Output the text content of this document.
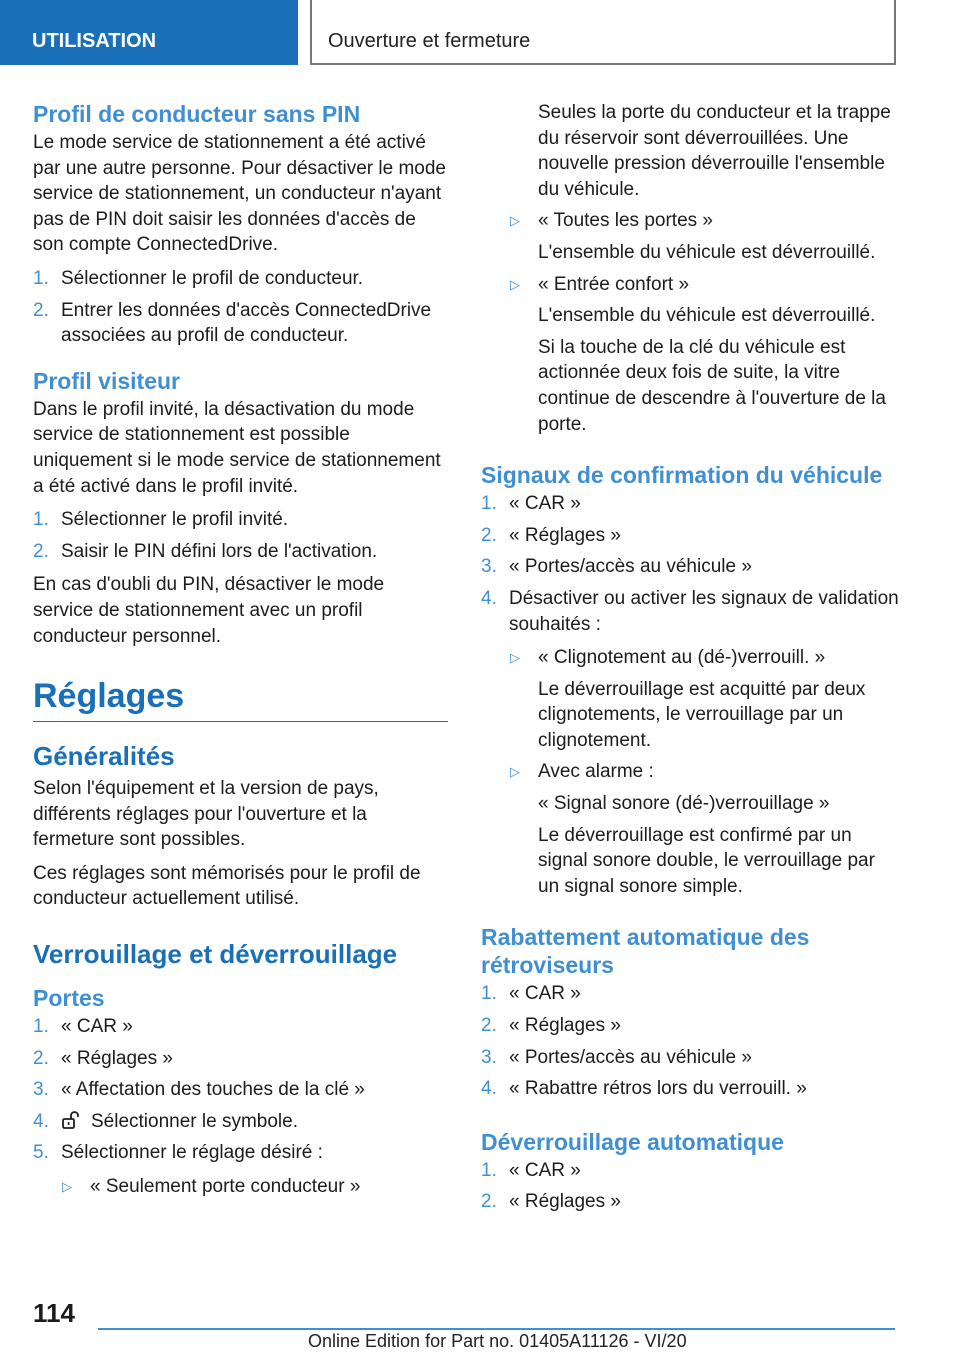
UTILISATION	Ouverture et fermeture
Profil de conducteur sans PIN

Le mode service de stationnement a été activé par une autre personne. Pour désactiver le mode service de stationnement, un conducteur n'ayant pas de PIN doit saisir les données d'accès de son compte ConnectedDrive.

1. Sélectionner le profil de conducteur.
2. Entrer les données d'accès ConnectedDrive associées au profil de conducteur.
Profil visiteur

Dans le profil invité, la désactivation du mode service de stationnement est possible uniquement si le mode service de stationnement a été activé dans le profil invité.

1. Sélectionner le profil invité.
2. Saisir le PIN défini lors de l'activation.

En cas d'oubli du PIN, désactiver le mode service de stationnement avec un profil conducteur personnel.

Réglages
Généralités

Selon l'équipement et la version de pays, différents réglages pour l'ouverture et la fermeture sont possibles.

Ces réglages sont mémorisés pour le profil de conducteur actuellement utilisé.

Verrouillage et déverrouillage
Portes
1. « CAR »
2. « Réglages »
3. « Affectation des touches de la clé »
4. Sélectionner le symbole.
5. Sélectionner le réglage désiré :
▷ « Seulement porte conducteur »

Seules la porte du conducteur et la trappe du réservoir sont déverrouillées. Une nouvelle pression déverrouille l'ensemble du véhicule.

▷ « Toutes les portes »

L'ensemble du véhicule est déverrouillé.

▷ « Entrée confort »

L'ensemble du véhicule est déverrouillé.

Si la touche de la clé du véhicule est actionnée deux fois de suite, la vitre continue de descendre à l'ouverture de la porte.

Signaux de confirmation du véhicule
1. « CAR »
2. « Réglages »
3. « Portes/accès au véhicule »
4. Désactiver ou activer les signaux de validation souhaités :
▷ « Clignotement au (dé-)verrouill. »

Le déverrouillage est acquitté par deux clignotements, le verrouillage par un clignotement.

▷ Avec alarme :

« Signal sonore (dé-)verrouillage »

Le déverrouillage est confirmé par un signal sonore double, le verrouillage par un signal sonore simple.

Rabattement automatique des rétroviseurs
1. « CAR »
2. « Réglages »
3. « Portes/accès au véhicule »
4. « Rabattre rétros lors du verrouill. »
Déverrouillage automatique
1. « CAR »
2. « Réglages »
114
Online Edition for Part no. 01405A11126 - VI/20
